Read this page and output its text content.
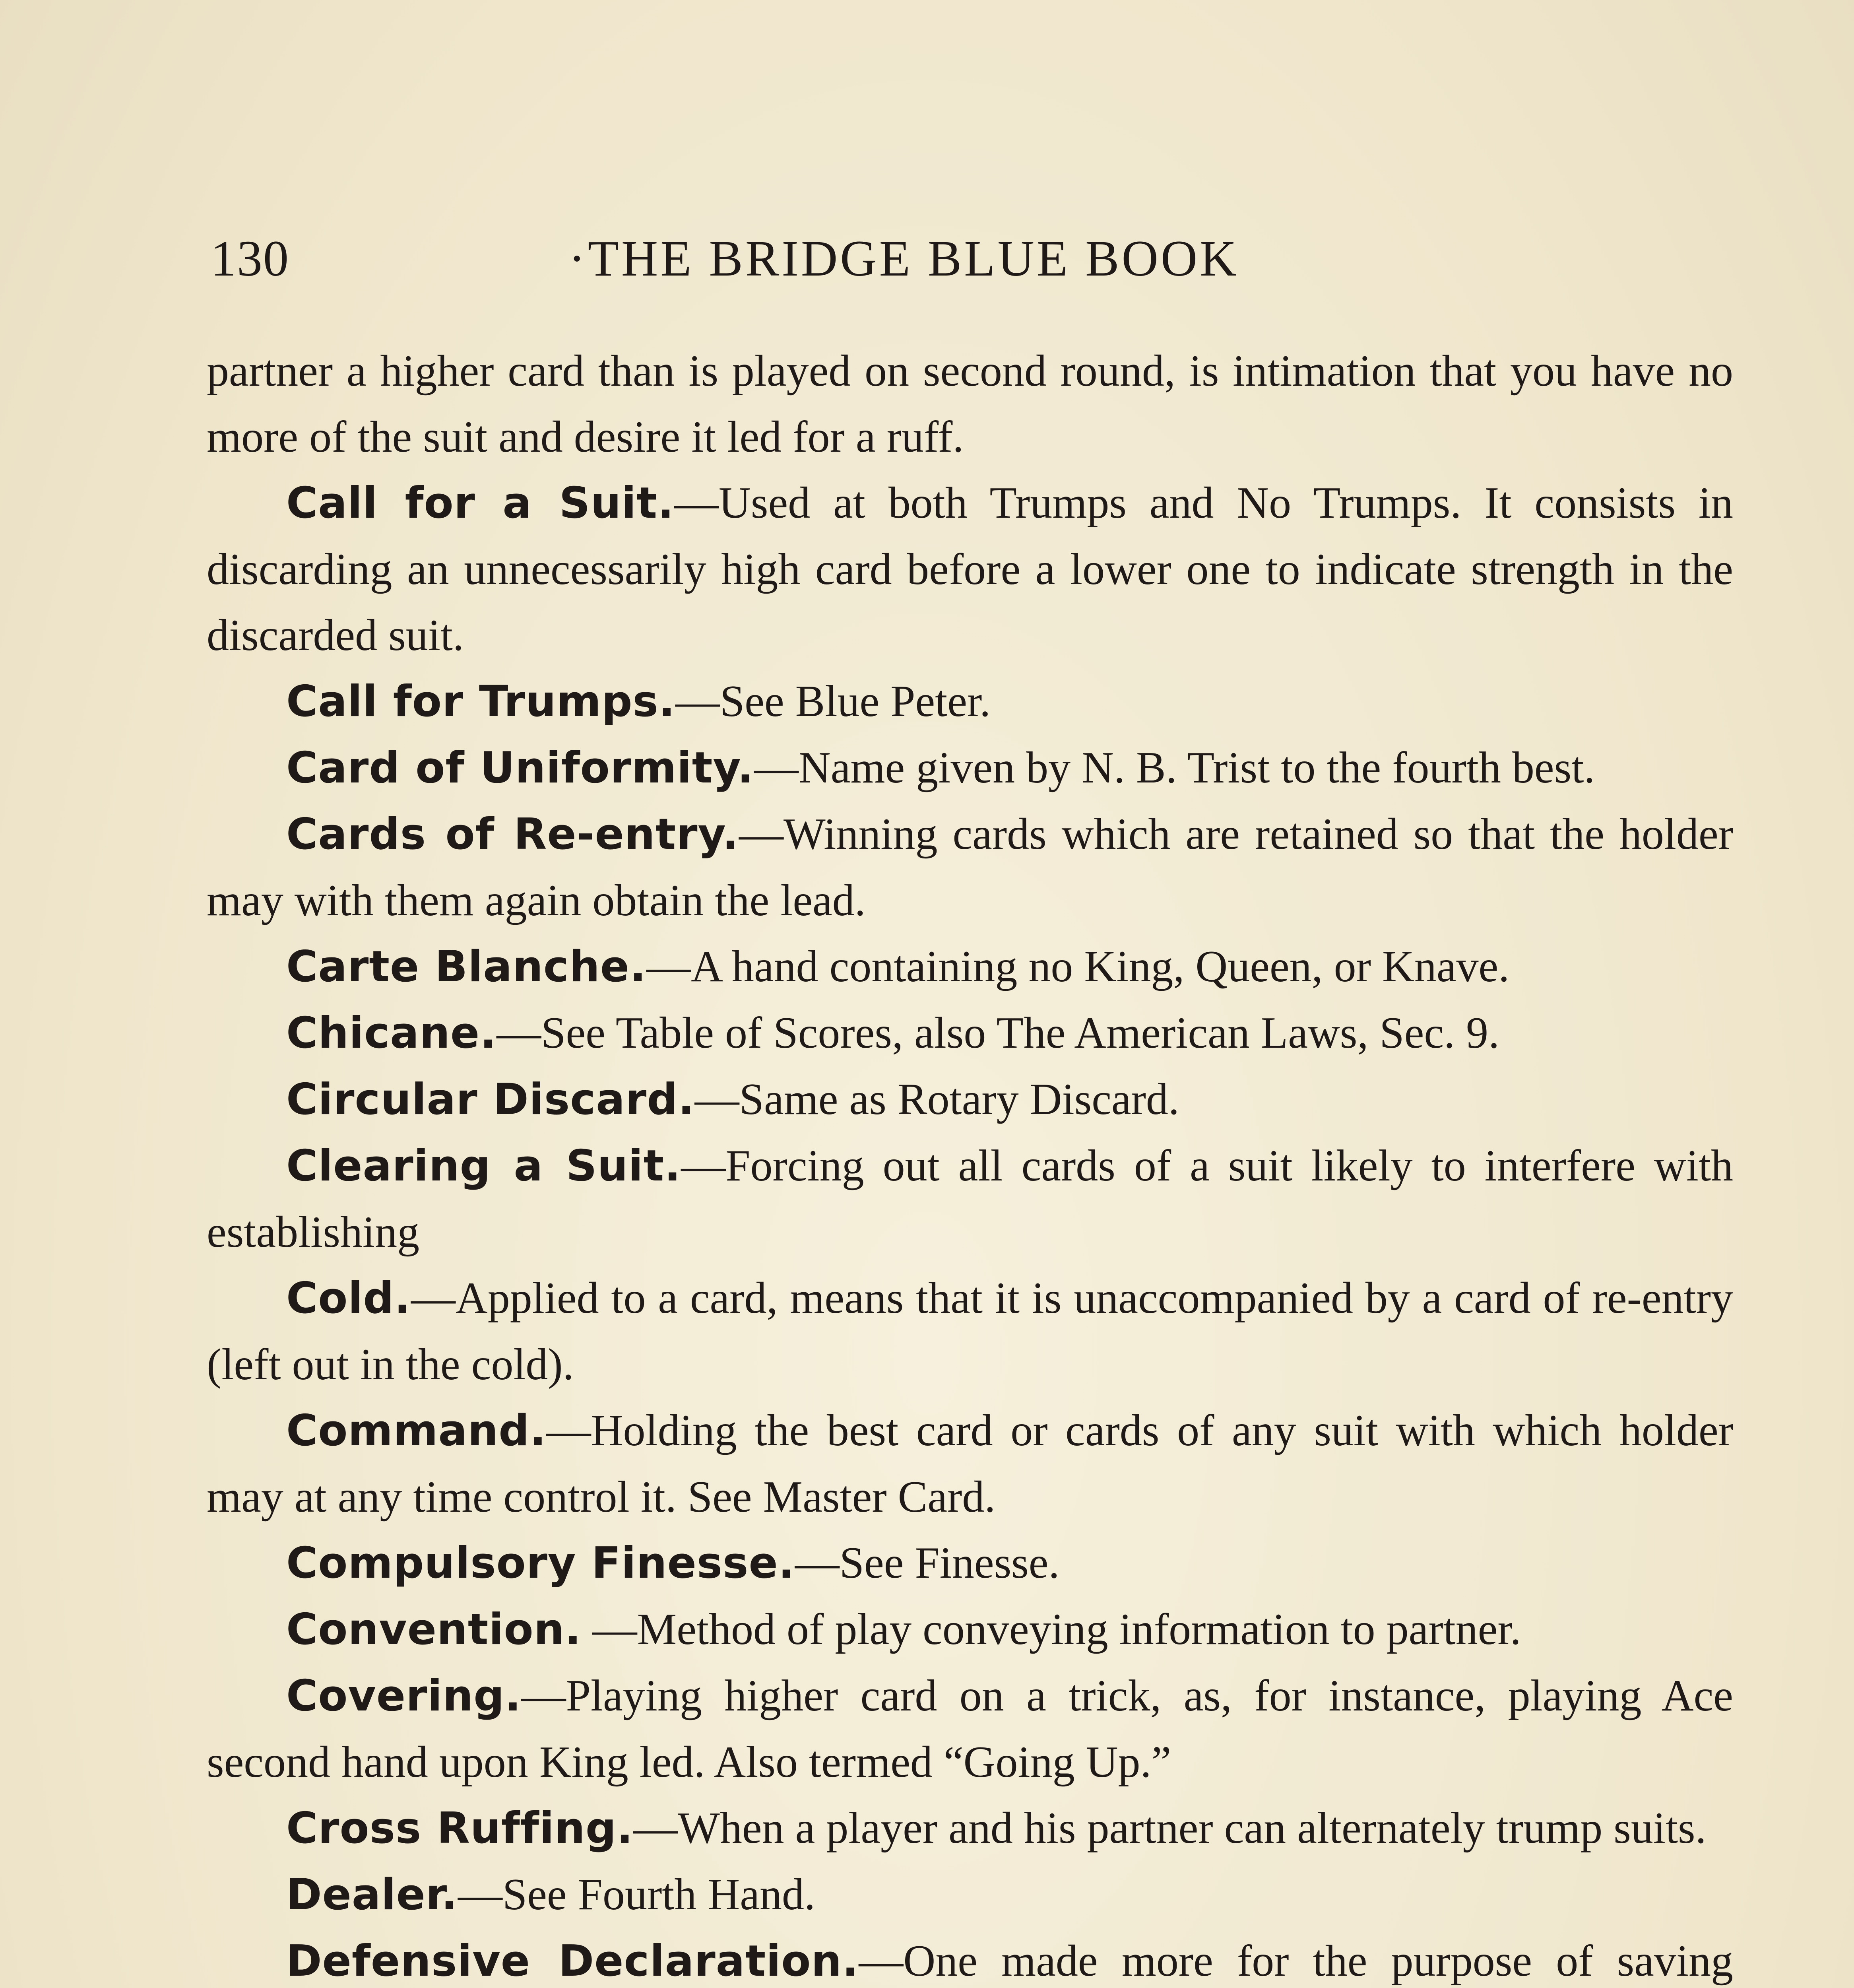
130	·THE BRIDGE BLUE BOOK

partner a higher card than is played on second round, is intimation that you have no more of the suit and desire it led for a ruff.

Call for a Suit.—Used at both Trumps and No Trumps. It consists in discarding an unnecessarily high card before a lower one to indicate strength in the discarded suit.

Call for Trumps.—See Blue Peter.

Card of Uniformity.—Name given by N. B. Trist to the fourth best.

Cards of Re-entry.—Winning cards which are retained so that the holder may with them again obtain the lead.

Carte Blanche.—A hand containing no King, Queen, or Knave.

Chicane.—See Table of Scores, also The American Laws, Sec. 9.

Circular Discard.—Same as Rotary Discard.

Clearing a Suit.—Forcing out all cards of a suit likely to interfere with establishing

Cold.—Applied to a card, means that it is unaccompanied by a card of re-entry (left out in the cold).

Command.—Holding the best card or cards of any suit with which holder may at any time control it. See Master Card.

Compulsory Finesse.—See Finesse.

Convention. —Method of play conveying information to partner.

Covering.—Playing higher card on a trick, as, for instance, playing Ace second hand upon King led. Also termed “Going Up.”

Cross Ruffing.—When a player and his partner can alternately trump suits.

Dealer.—See Fourth Hand.

Defensive Declaration.—One made more for the purpose of saving
